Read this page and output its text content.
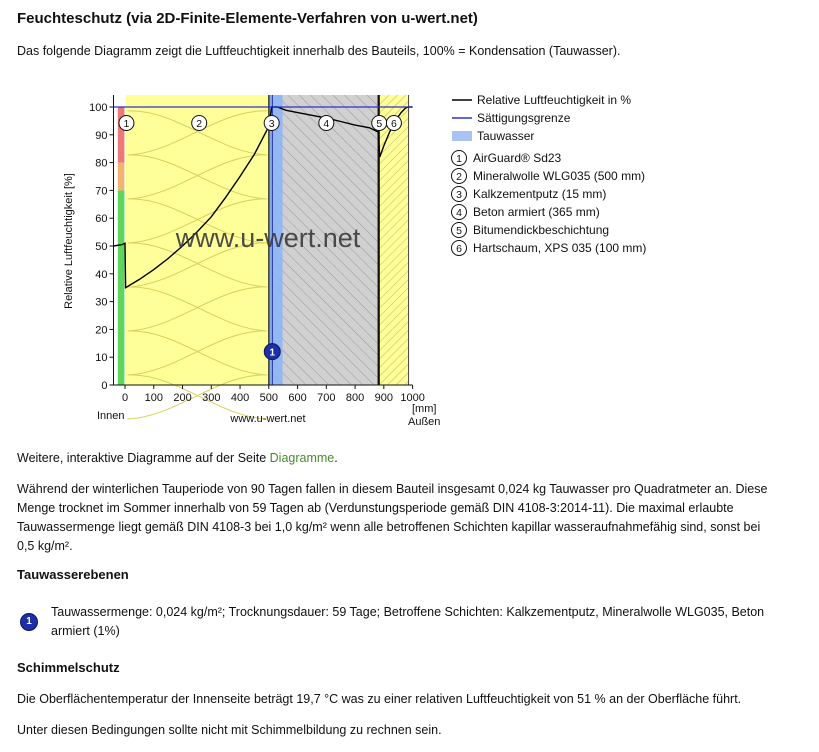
Feuchteschutz (via 2D-Finite-Elemente-Verfahren von u-wert.net)
Das folgende Diagramm zeigt die Luftfeuchtigkeit innerhalb des Bauteils, 100% = Kondensation (Tauwasser).
0
10
20
30
40
50
60
70
80
90
100
0 100 200 300 400 500 600 700 800 900 1000
1	2	3	4	5 6
1
Relative Luftfeuchtigkeit in %
Sättigungsgrenze
Tauwasser
1 AirGuard® Sd23
2 Mineralwolle WLG035 (500 mm)
3 Kalkzementputz (15 mm)
4 Beton armiert (365 mm)
5 Bitumendickbeschichtung
6 Hartschaum, XPS 035 (100 mm)
Relative Luftfeuchtigkeit [%]
[mm]
Innen	Außen
www.u-wert.net
www.u-wert.net
Weitere, interaktive Diagramme auf der Seite Diagramme.
Während der winterlichen Tauperiode von 90 Tagen fallen in diesem Bauteil insgesamt 0,024 kg Tauwasser pro Quadratmeter an. Diese Menge trocknet im Sommer innerhalb von 59 Tagen ab (Verdunstungsperiode gemäß DIN 4108-3:2014-11). Die maximal erlaubte Tauwassermenge liegt gemäß DIN 4108-3 bei 1,0 kg/m² wenn alle betroffenen Schichten kapillar wasseraufnahmefähig sind, sonst bei 0,5 kg/m².
Tauwasserebenen
1
Tauwassermenge: 0,024 kg/m²; Trocknungsdauer: 59 Tage; Betroffene Schichten: Kalkzementputz, Mineralwolle WLG035, Beton armiert (1%)
Schimmelschutz
Die Oberflächentemperatur der Innenseite beträgt 19,7 °C was zu einer relativen Luftfeuchtigkeit von 51 % an der Oberfläche führt.
Unter diesen Bedingungen sollte nicht mit Schimmelbildung zu rechnen sein.
